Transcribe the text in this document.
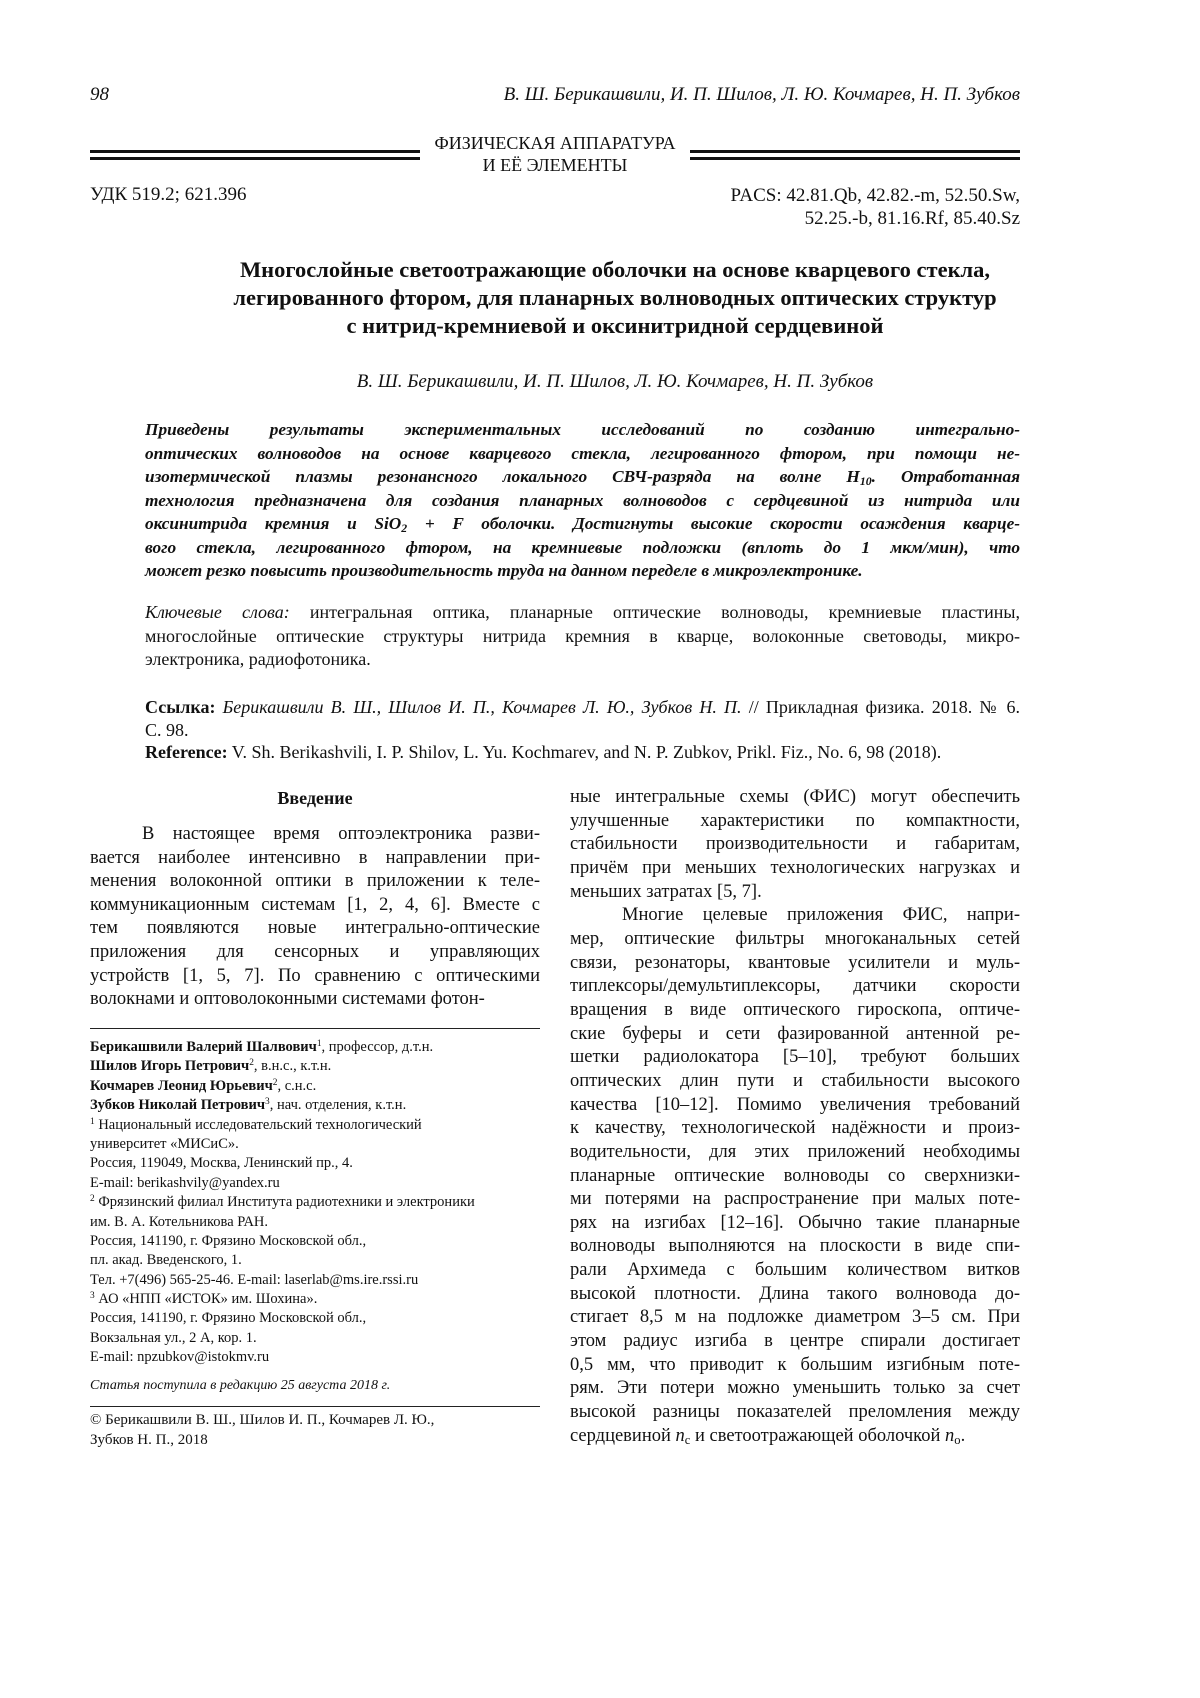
98	В. Ш. Берикашвили, И. П. Шилов, Л. Ю. Кочмарев, Н. П. Зубков
ФИЗИЧЕСКАЯ АППАРАТУРА
И ЕЁ ЭЛЕМЕНТЫ
УДК 519.2; 621.396	PACS: 42.81.Qb, 42.82.-m, 52.50.Sw,
52.25.-b, 81.16.Rf, 85.40.Sz
Многослойные светоотражающие оболочки на основе кварцевого стекла,
легированного фтором, для планарных волноводных оптических структур
с нитрид-кремниевой и оксинитридной сердцевиной
В. Ш. Берикашвили, И. П. Шилов, Л. Ю. Кочмарев, Н. П. Зубков
Приведены результаты экспериментальных исследований по созданию интегрально-
оптических волноводов на основе кварцевого стекла, легированного фтором, при помощи не-
изотермической плазмы резонансного локального СВЧ-разряда на волне H10. Отработанная
технология предназначена для создания планарных волноводов с сердцевиной из нитрида или
оксинитрида кремния и SiO2 + F оболочки. Достигнуты высокие скорости осаждения кварце-
вого стекла, легированного фтором, на кремниевые подложки (вплоть до 1 мкм/мин), что
может резко повысить производительность труда на данном переделе в микроэлектронике.
Ключевые слова: интегральная оптика, планарные оптические волноводы, кремниевые пластины,
многослойные оптические структуры нитрида кремния в кварце, волоконные световоды, микро-
электроника, радиофотоника.
Ссылка: Берикашвили В. Ш., Шилов И. П., Кочмарев Л. Ю., Зубков Н. П. // Прикладная физика. 2018. № 6.
С. 98.
Reference: V. Sh. Berikashvili, I. P. Shilov, L. Yu. Kochmarev, and N. P. Zubkov, Prikl. Fiz., No. 6, 98 (2018).
Введение
В настоящее время оптоэлектроника разви-
вается наиболее интенсивно в направлении при-
менения волоконной оптики в приложении к теле-
коммуникационным системам [1, 2, 4, 6]. Вместе с
тем появляются новые интегрально-оптические
приложения для сенсорных и управляющих
устройств [1, 5, 7]. По сравнению с оптическими
волокнами и оптоволоконными системами фотон-
Берикашвили Валерий Шалвович1, профессор, д.т.н.
Шилов Игорь Петрович2, в.н.с., к.т.н.
Кочмарев Леонид Юрьевич2, с.н.с.
Зубков Николай Петрович3, нач. отделения, к.т.н.
1 Национальный исследовательский технологический
университет «МИСиС».
Россия, 119049, Москва, Ленинский пр., 4.
E-mail: berikashvily@yandex.ru
2 Фрязинский филиал Института радиотехники и электроники
им. В. А. Котельникова РАН.
Россия, 141190, г. Фрязино Московской обл.,
пл. акад. Введенского, 1.
Тел. +7(496) 565-25-46. E-mail: laserlab@ms.ire.rssi.ru
3 АО «НПП «ИСТОК» им. Шохина».
Россия, 141190, г. Фрязино Московской обл.,
Вокзальная ул., 2 А, кор. 1.
E-mail: npzubkov@istokmv.ru
Статья поступила в редакцию 25 августа 2018 г.
© Берикашвили В. Ш., Шилов И. П., Кочмарев Л. Ю.,
Зубков Н. П., 2018
ные интегральные схемы (ФИС) могут обеспечить
улучшенные характеристики по компактности,
стабильности производительности и габаритам,
причём при меньших технологических нагрузках и
меньших затратах [5, 7].
Многие целевые приложения ФИС, напри-
мер, оптические фильтры многоканальных сетей
связи, резонаторы, квантовые усилители и муль-
типлексоры/демультиплексоры, датчики скорости
вращения в виде оптического гироскопа, оптиче-
ские буферы и сети фазированной антенной ре-
шетки радиолокатора [5–10], требуют больших
оптических длин пути и стабильности высокого
качества [10–12]. Помимо увеличения требований
к качеству, технологической надёжности и произ-
водительности, для этих приложений необходимы
планарные оптические волноводы со сверхнизки-
ми потерями на распространение при малых поте-
рях на изгибах [12–16]. Обычно такие планарные
волноводы выполняются на плоскости в виде спи-
рали Архимеда с большим количеством витков
высокой плотности. Длина такого волновода до-
стигает 8,5 м на подложке диаметром 3–5 см. При
этом радиус изгиба в центре спирали достигает
0,5 мм, что приводит к большим изгибным поте-
рям. Эти потери можно уменьшить только за счет
высокой разницы показателей преломления между
сердцевиной nc и светоотражающей оболочкой nо.
